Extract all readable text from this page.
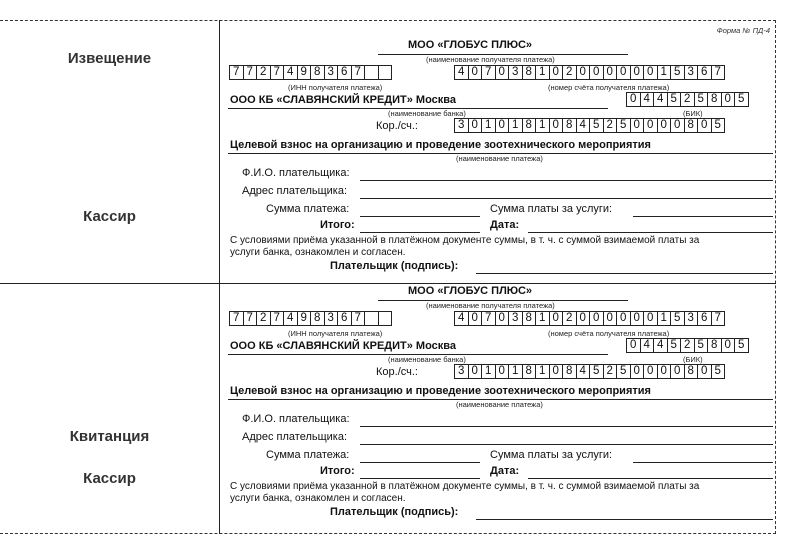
Форма № ПД-4
Извещение
Кассир
Квитанция
Кассир
МОО «ГЛОБУС ПЛЮС»
(наименование получателя платежа)
7 7 2 7 4 9 8 3 6 7	4 0 7 0 3 8 1 0 2 0 0 0 0 0 0 1 5 3 6 7
(ИНН получателя платежа)	(номер счёта получателя платежа)
ООО КБ «СЛАВЯНСКИЙ КРЕДИТ» Москва	0 4 4 5 2 5 8 0 5
(наименование банка)	(БИК)
Кор./сч.:	3 0 1 0 1 8 1 0 8 4 5 2 5 0 0 0 0 8 0 5
Целевой взнос на организацию и проведение зоотехнического мероприятия
(наименование платежа)
Ф.И.О. плательщика:
Адрес плательщика:
Сумма платежа:	Сумма платы за услуги:
Итого:	Дата:
С условиями приёма указанной в платёжном документе суммы, в т. ч. с суммой взимаемой платы за
услуги банка, ознакомлен и согласен.
Плательщик (подпись):
МОО «ГЛОБУС ПЛЮС»
(наименование получателя платежа)
7 7 2 7 4 9 8 3 6 7	4 0 7 0 3 8 1 0 2 0 0 0 0 0 0 1 5 3 6 7
(ИНН получателя платежа)	(номер счёта получателя платежа)
ООО КБ «СЛАВЯНСКИЙ КРЕДИТ» Москва	0 4 4 5 2 5 8 0 5
(наименование банка)	(БИК)
Кор./сч.:	3 0 1 0 1 8 1 0 8 4 5 2 5 0 0 0 0 8 0 5
Целевой взнос на организацию и проведение зоотехнического мероприятия
(наименование платежа)
Ф.И.О. плательщика:
Адрес плательщика:
Сумма платежа:	Сумма платы за услуги:
Итого:	Дата:
С условиями приёма указанной в платёжном документе суммы, в т. ч. с суммой взимаемой платы за
услуги банка, ознакомлен и согласен.
Плательщик (подпись):
